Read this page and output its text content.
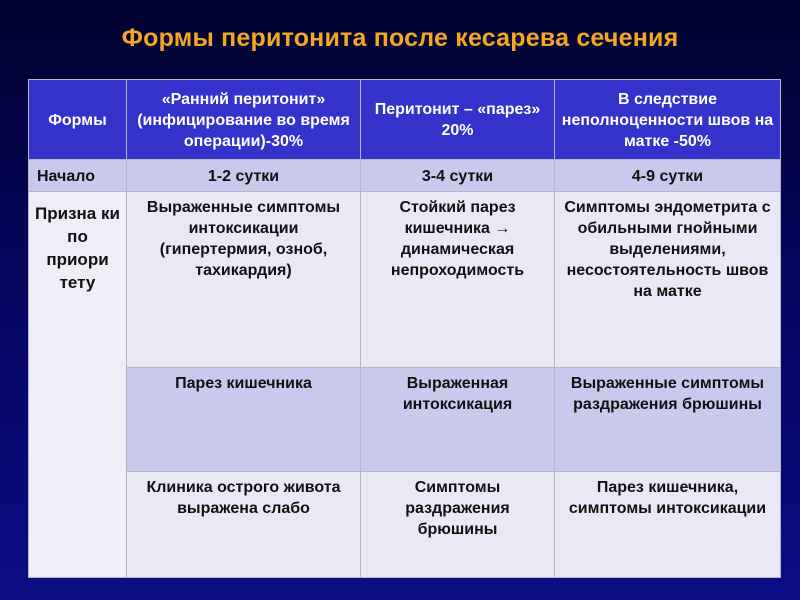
Формы перитонита после кесарева сечения
Формы	«Ранний перитонит» (инфицирование во время операции)-30%	Перитонит – «парез» 20%	В следствие неполноценности швов на матке -50%
Начало	1-2 сутки	3-4 сутки	4-9 сутки
Призна ки по приори тету	Выраженные симптомы интоксикации (гипертермия, озноб, тахикардия)	Стойкий парез кишечника → динамическая непроходимость	Симптомы эндометрита с обильными гнойными выделениями, несостоятельность швов на матке
	Парез кишечника	Выраженная интоксикация	Выраженные симптомы раздражения брюшины
	Клиника острого живота выражена слабо	Симптомы раздражения брюшины	Парез кишечника, симптомы интоксикации
